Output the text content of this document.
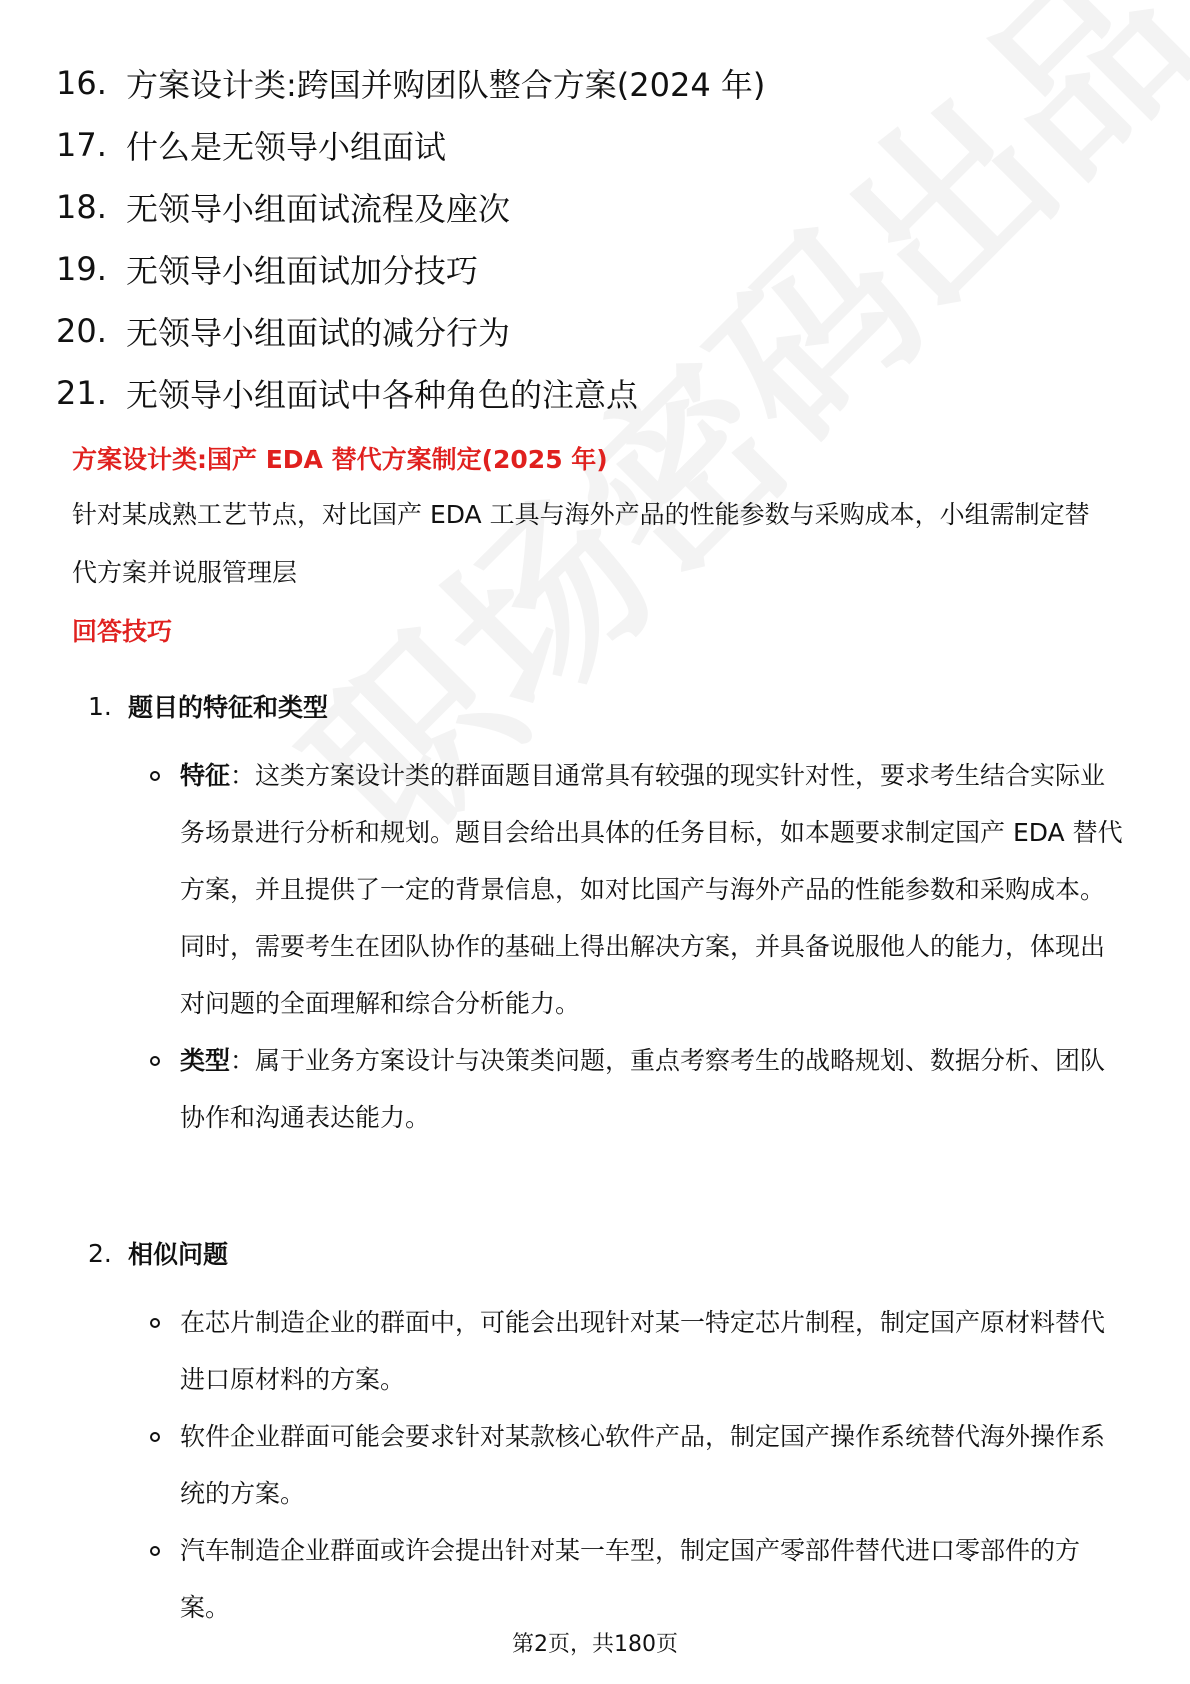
16. 方案设计类:跨国并购团队整合方案(2024 年)
17. 什么是无领导小组面试
18. 无领导小组面试流程及座次
19. 无领导小组面试加分技巧
20. 无领导小组面试的减分行为
21. 无领导小组面试中各种角色的注意点
方案设计类:国产 EDA 替代方案制定(2025 年)
针对某成熟工艺节点，对比国产 EDA 工具与海外产品的性能参数与采购成本，小组需制定替代方案并说服管理层
回答技巧
1. 题目的特征和类型
特征：这类方案设计类的群面题目通常具有较强的现实针对性，要求考生结合实际业务场景进行分析和规划。题目会给出具体的任务目标，如本题要求制定国产 EDA 替代方案，并且提供了一定的背景信息，如对比国产与海外产品的性能参数和采购成本。同时，需要考生在团队协作的基础上得出解决方案，并具备说服他人的能力，体现出对问题的全面理解和综合分析能力。
类型：属于业务方案设计与决策类问题，重点考察考生的战略规划、数据分析、团队协作和沟通表达能力。
2. 相似问题
在芯片制造企业的群面中，可能会出现针对某一特定芯片制程，制定国产原材料替代进口原材料的方案。
软件企业群面可能会要求针对某款核心软件产品，制定国产操作系统替代海外操作系统的方案。
汽车制造企业群面或许会提出针对某一车型，制定国产零部件替代进口零部件的方案。
第2页，共180页
